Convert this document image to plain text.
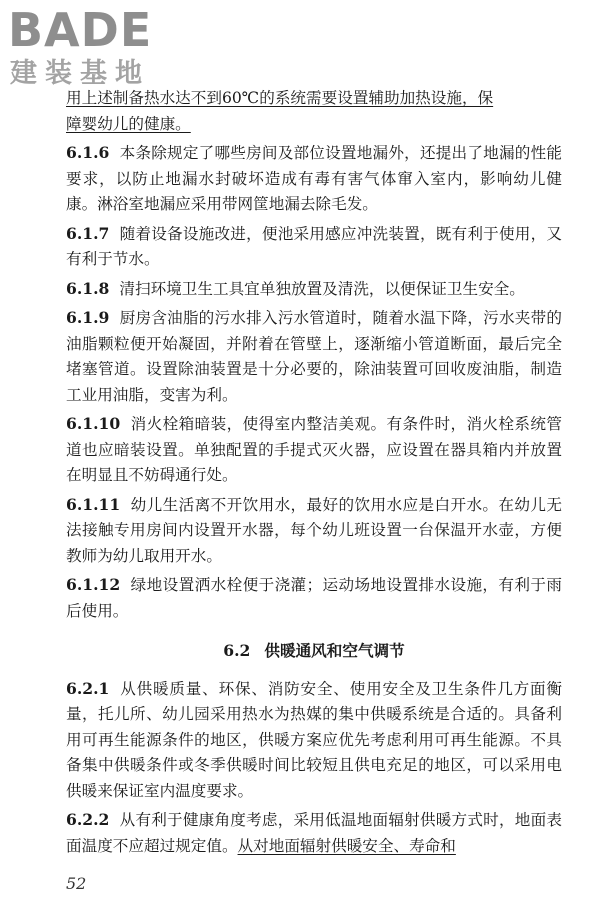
BADE
建装基地

用上述制备热水达不到60℃的系统需要设置辅助加热设施，保
障婴幼儿的健康。

6.1.6 本条除规定了哪些房间及部位设置地漏外，还提出了地漏的性能要求，以防止地漏水封破坏造成有毒有害气体窜入室内，影响幼儿健康。淋浴室地漏应采用带网筐地漏去除毛发。

6.1.7 随着设备设施改进，便池采用感应冲洗装置，既有利于使用，又有利于节水。

6.1.8 清扫环境卫生工具宜单独放置及清洗，以便保证卫生安全。

6.1.9 厨房含油脂的污水排入污水管道时，随着水温下降，污水夹带的油脂颗粒便开始凝固，并附着在管壁上，逐渐缩小管道断面，最后完全堵塞管道。设置除油装置是十分必要的，除油装置可回收废油脂，制造工业用油脂，变害为利。

6.1.10 消火栓箱暗装，使得室内整洁美观。有条件时，消火栓系统管道也应暗装设置。单独配置的手提式灭火器，应设置在器具箱内并放置在明显且不妨碍通行处。

6.1.11 幼儿生活离不开饮用水，最好的饮用水应是白开水。在幼儿无法接触专用房间内设置开水器，每个幼儿班设置一台保温开水壶，方便教师为幼儿取用开水。

6.1.12 绿地设置洒水栓便于浇灌；运动场地设置排水设施，有利于雨后使用。

6.2 供暖通风和空气调节

6.2.1 从供暖质量、环保、消防安全、使用安全及卫生条件几方面衡量，托儿所、幼儿园采用热水为热媒的集中供暖系统是合适的。具备利用可再生能源条件的地区，供暖方案应优先考虑利用可再生能源。不具备集中供暖条件或冬季供暖时间比较短且供电充足的地区，可以采用电供暖来保证室内温度要求。

6.2.2 从有利于健康角度考虑，采用低温地面辐射供暖方式时，地面表面温度不应超过规定值。从对地面辐射供暖安全、寿命和

52
